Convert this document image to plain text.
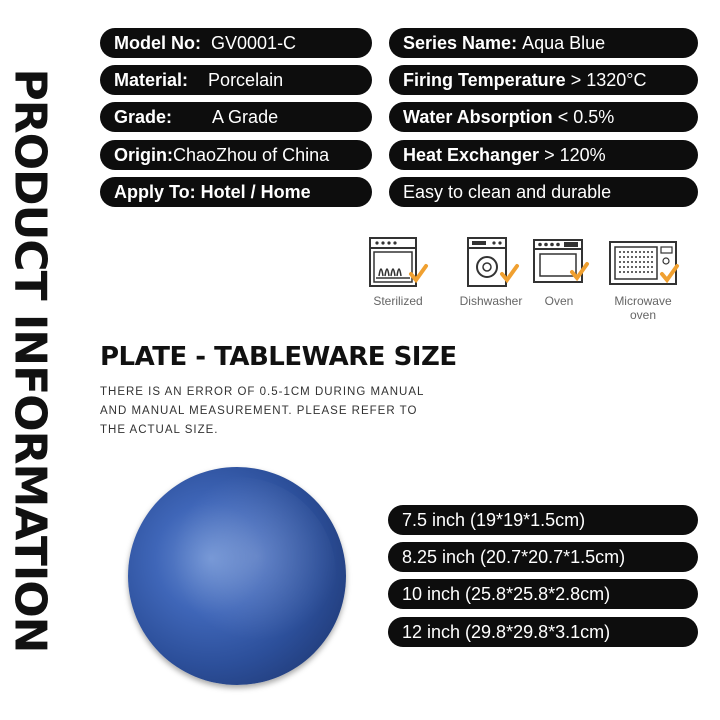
PRODUCT INFORMATION
Model No: GV0001-C
Material: Porcelain
Grade: A Grade
Origin:ChaoZhou of China
Apply To: Hotel / Home
Series Name: Aqua Blue
Firing Temperature > 1320°C
Water Absorption < 0.5%
Heat Exchanger > 120%
Easy to clean and durable
Sterilized	Dishwasher	Oven	Microwave oven
PLATE - TABLEWARE SIZE
THERE IS AN ERROR OF 0.5-1CM DURING MANUAL AND MANUAL MEASUREMENT. PLEASE REFER TO THE ACTUAL SIZE.
7.5 inch (19*19*1.5cm)
8.25 inch (20.7*20.7*1.5cm)
10 inch (25.8*25.8*2.8cm)
12 inch (29.8*29.8*3.1cm)
